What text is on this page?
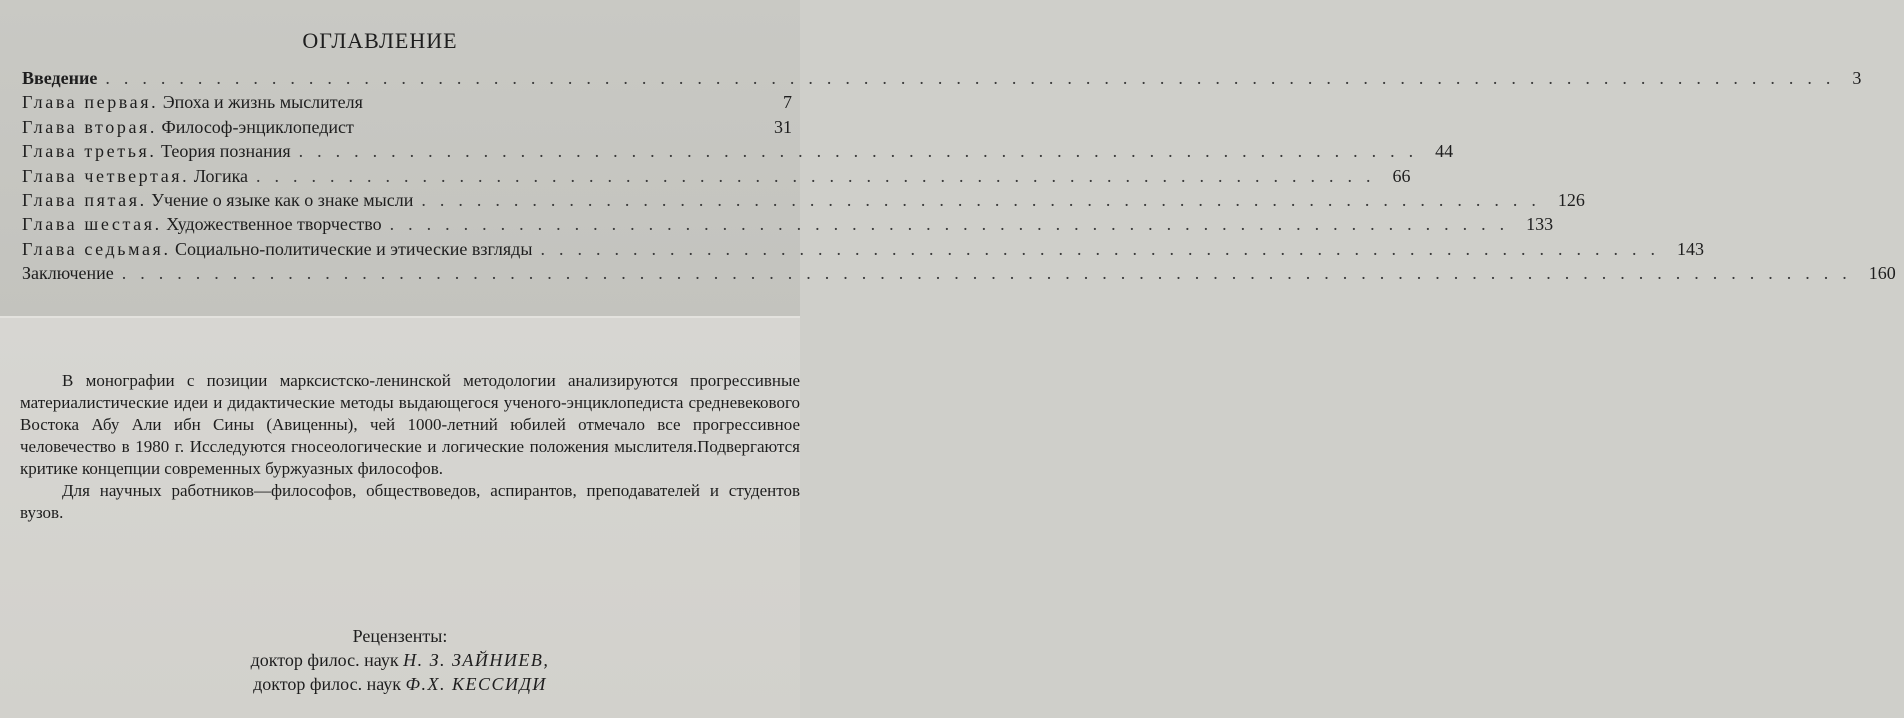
ОГЛАВЛЕНИЕ
Введение .............................................................................................. 3
Глава первая. Эпоха и жизнь мыслителя	7
Глава вторая. Философ-энциклопедист	31
Глава третья. Теория познания ............................................................. 44
Глава четвертая. Логика ............................................................. 66
Глава пятая. Учение о языке как о знаке мысли ............................................................. 126
Глава шестая. Художественное творчество ............................................................. 133
Глава седьмая. Социально-политические и этические взгляды ............................................................. 143
Заключение .............................................................................................. 160

В монографии с позиции марксистско-ленинской методологии анализируются прогрессивные материалистические идеи и дидактические методы выдающегося ученого-энциклопедиста средневекового Востока Абу Али ибн Сины (Авиценны), чей 1000-летний юбилей отмечало все прогрессивное человечество в 1980 г. Исследуются гносеологические и логические положения мыслителя.Подвергаются критике концепции современных буржуазных философов.

Для научных работников—философов, обществоведов, аспирантов, преподавателей и студентов вузов.

Рецензенты:
доктор филос. наук Н. З. ЗАЙНИЕВ,
доктор филос. наук Ф.Х. КЕССИДИ
